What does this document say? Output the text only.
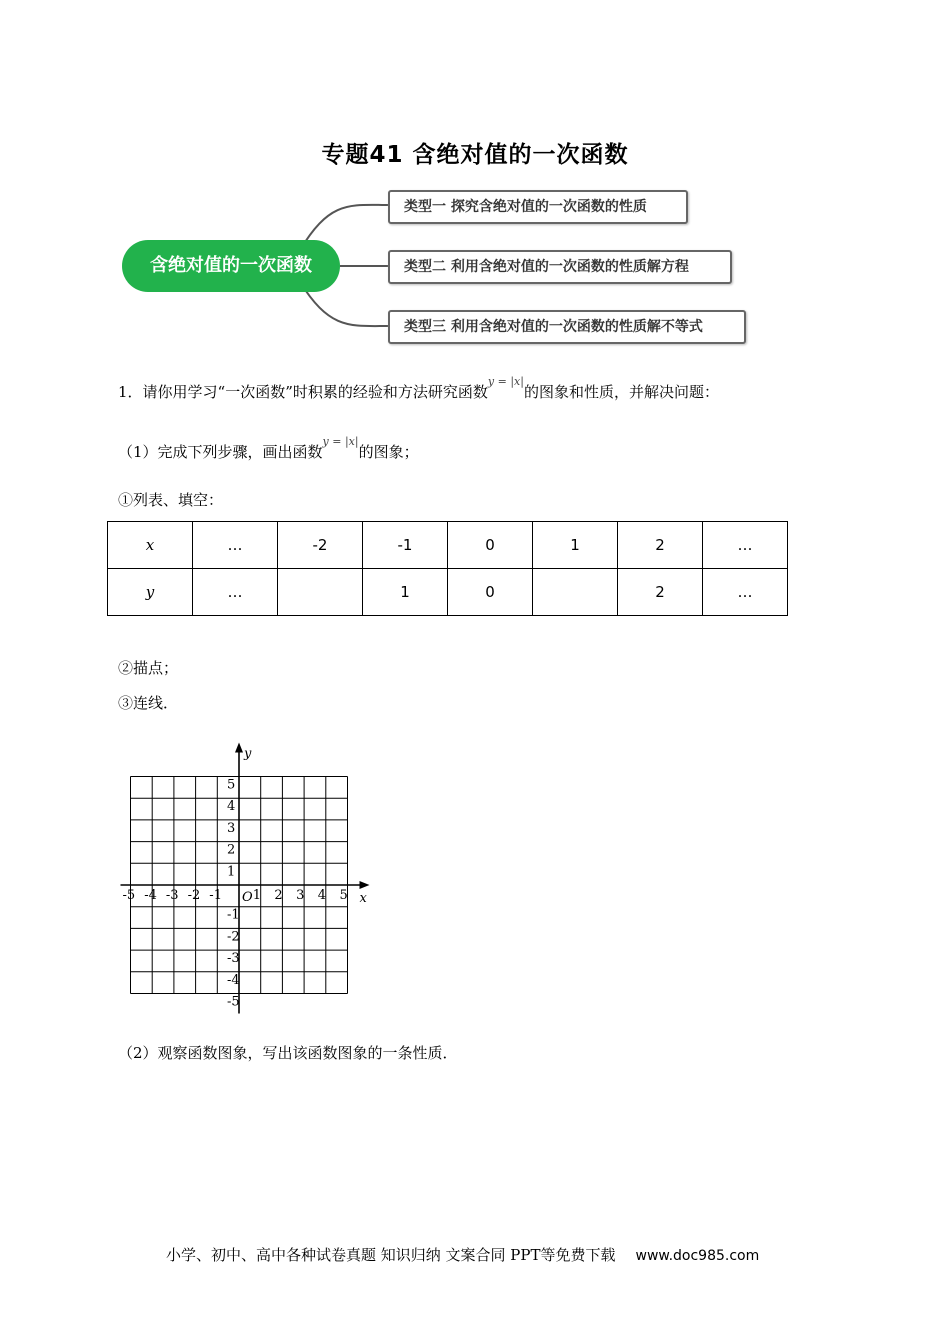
专题41 含绝对值的一次函数
含绝对值的一次函数
类型一 探究含绝对值的一次函数的性质
类型二 利用含绝对值的一次函数的性质解方程
类型三 利用含绝对值的一次函数的性质解不等式
1．请你用学习“一次函数”时积累的经验和方法研究函数$^{y = |x|}$的图象和性质，并解决问题：
（1）完成下列步骤，画出函数$^{y = |x|}$的图象；
①列表、填空：
x	…	-2	-1	0	1	2	…
y	…		1	0		2	…
②描点；
③连线．
x
y
O
-5 -4 -3 -2 -1 1 2 3 4 5
5
4
3
2
1
-1
-2
-3
-4
-5
（2）观察函数图象，写出该函数图象的一条性质．
小学、初中、高中各种试卷真题 知识归纳 文案合同 PPT等免费下载 www.doc985.com
